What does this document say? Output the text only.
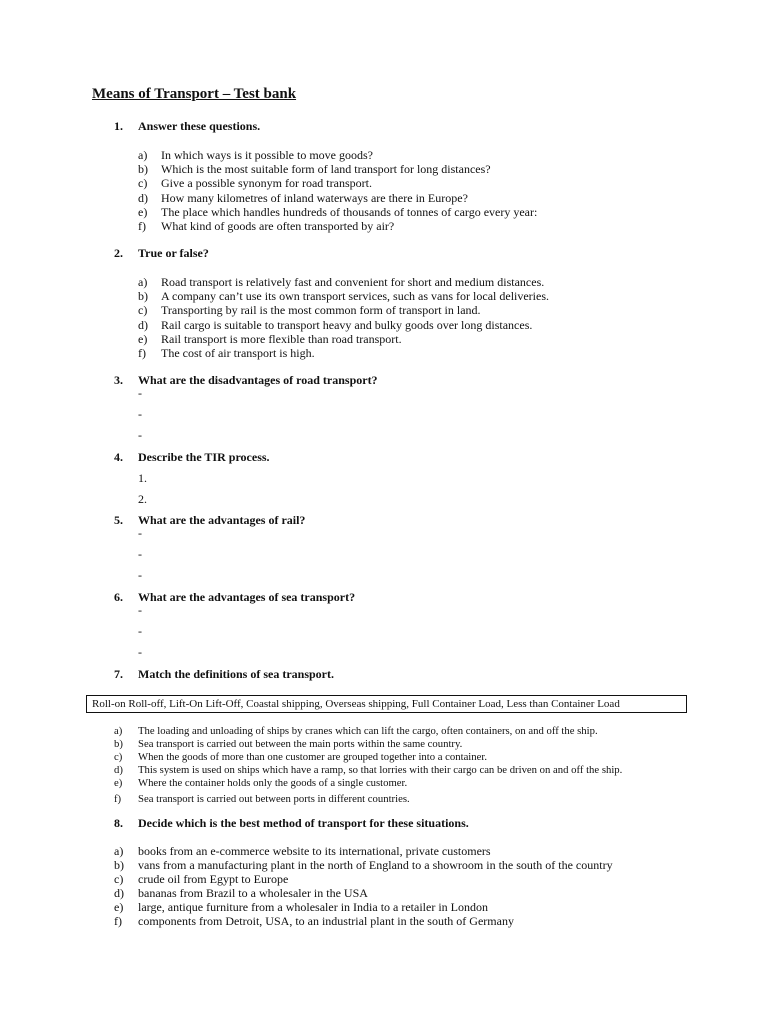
Means of Transport – Test bank
1. Answer these questions.
a) In which ways is it possible to move goods?
b) Which is the most suitable form of land transport for long distances?
c) Give a possible synonym for road transport.
d) How many kilometres of inland waterways are there in Europe?
e) The place which handles hundreds of thousands of tonnes of cargo every year:
f) What kind of goods are often transported by air?
2. True or false?
a) Road transport is relatively fast and convenient for short and medium distances.
b) A company can’t use its own transport services, such as vans for local deliveries.
c) Transporting by rail is the most common form of transport in land.
d) Rail cargo is suitable to transport heavy and bulky goods over long distances.
e) Rail transport is more flexible than road transport.
f) The cost of air transport is high.
3. What are the disadvantages of road transport?
-
-
-
4. Describe the TIR process.
1.
2.
5. What are the advantages of rail?
-
-
-
6. What are the advantages of sea transport?
-
-
-
7. Match the definitions of sea transport.
Roll-on Roll-off, Lift-On Lift-Off, Coastal shipping, Overseas shipping, Full Container Load, Less than Container Load
a) The loading and unloading of ships by cranes which can lift the cargo, often containers, on and off the ship.
b) Sea transport is carried out between the main ports within the same country.
c) When the goods of more than one customer are grouped together into a container.
d) This system is used on ships which have a ramp, so that lorries with their cargo can be driven on and off the ship.
e) Where the container holds only the goods of a single customer.
f) Sea transport is carried out between ports in different countries.
8. Decide which is the best method of transport for these situations.
a) books from an e-commerce website to its international, private customers
b) vans from a manufacturing plant in the north of England to a showroom in the south of the country
c) crude oil from Egypt to Europe
d) bananas from Brazil to a wholesaler in the USA
e) large, antique furniture from a wholesaler in India to a retailer in London
f) components from Detroit, USA, to an industrial plant in the south of Germany
